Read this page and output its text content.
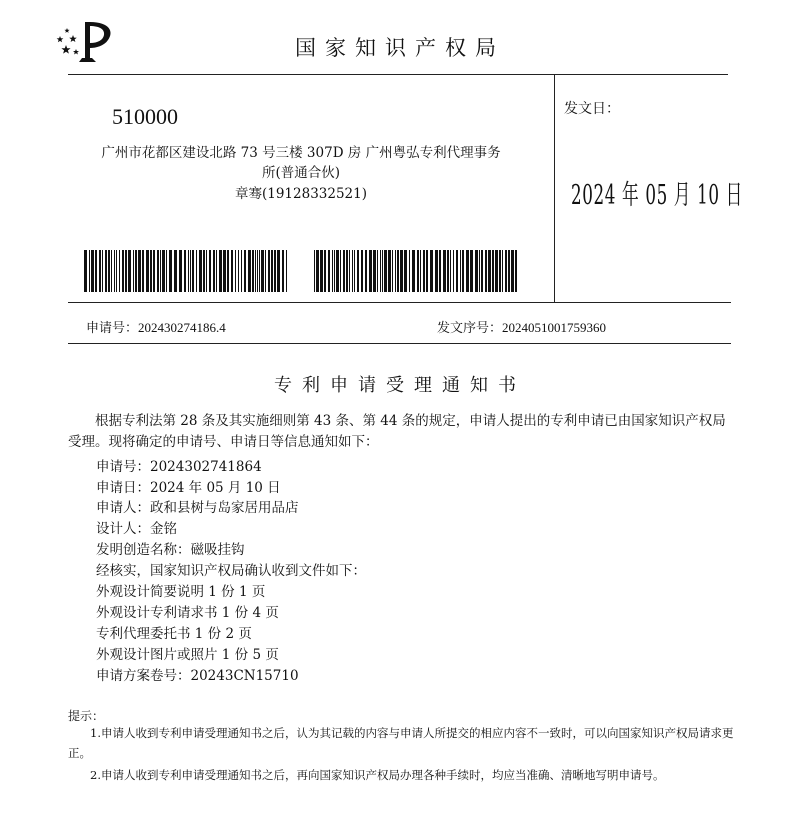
国家知识产权局
510000
广州市花都区建设北路 73 号三楼 307D 房 广州粤弘专利代理事务
所(普通合伙)
章骞(19128332521)
发文日：
2024 年 05 月 10 日
申请号：202430274186.4	发文序号：2024051001759360
专利申请受理通知书
根据专利法第 28 条及其实施细则第 43 条、第 44 条的规定，申请人提出的专利申请已由国家知识产权局受理。现将确定的申请号、申请日等信息通知如下：
申请号：2024302741864
申请日：2024 年 05 月 10 日
申请人：政和县树与岛家居用品店
设计人：金铭
发明创造名称：磁吸挂钩
经核实，国家知识产权局确认收到文件如下：
外观设计简要说明 1 份 1 页
外观设计专利请求书 1 份 4 页
专利代理委托书 1 份 2 页
外观设计图片或照片 1 份 5 页
申请方案卷号：20243CN15710
提示：
1.申请人收到专利申请受理通知书之后，认为其记载的内容与申请人所提交的相应内容不一致时，可以向国家知识产权局请求更正。
2.申请人收到专利申请受理通知书之后，再向国家知识产权局办理各种手续时，均应当准确、清晰地写明申请号。
